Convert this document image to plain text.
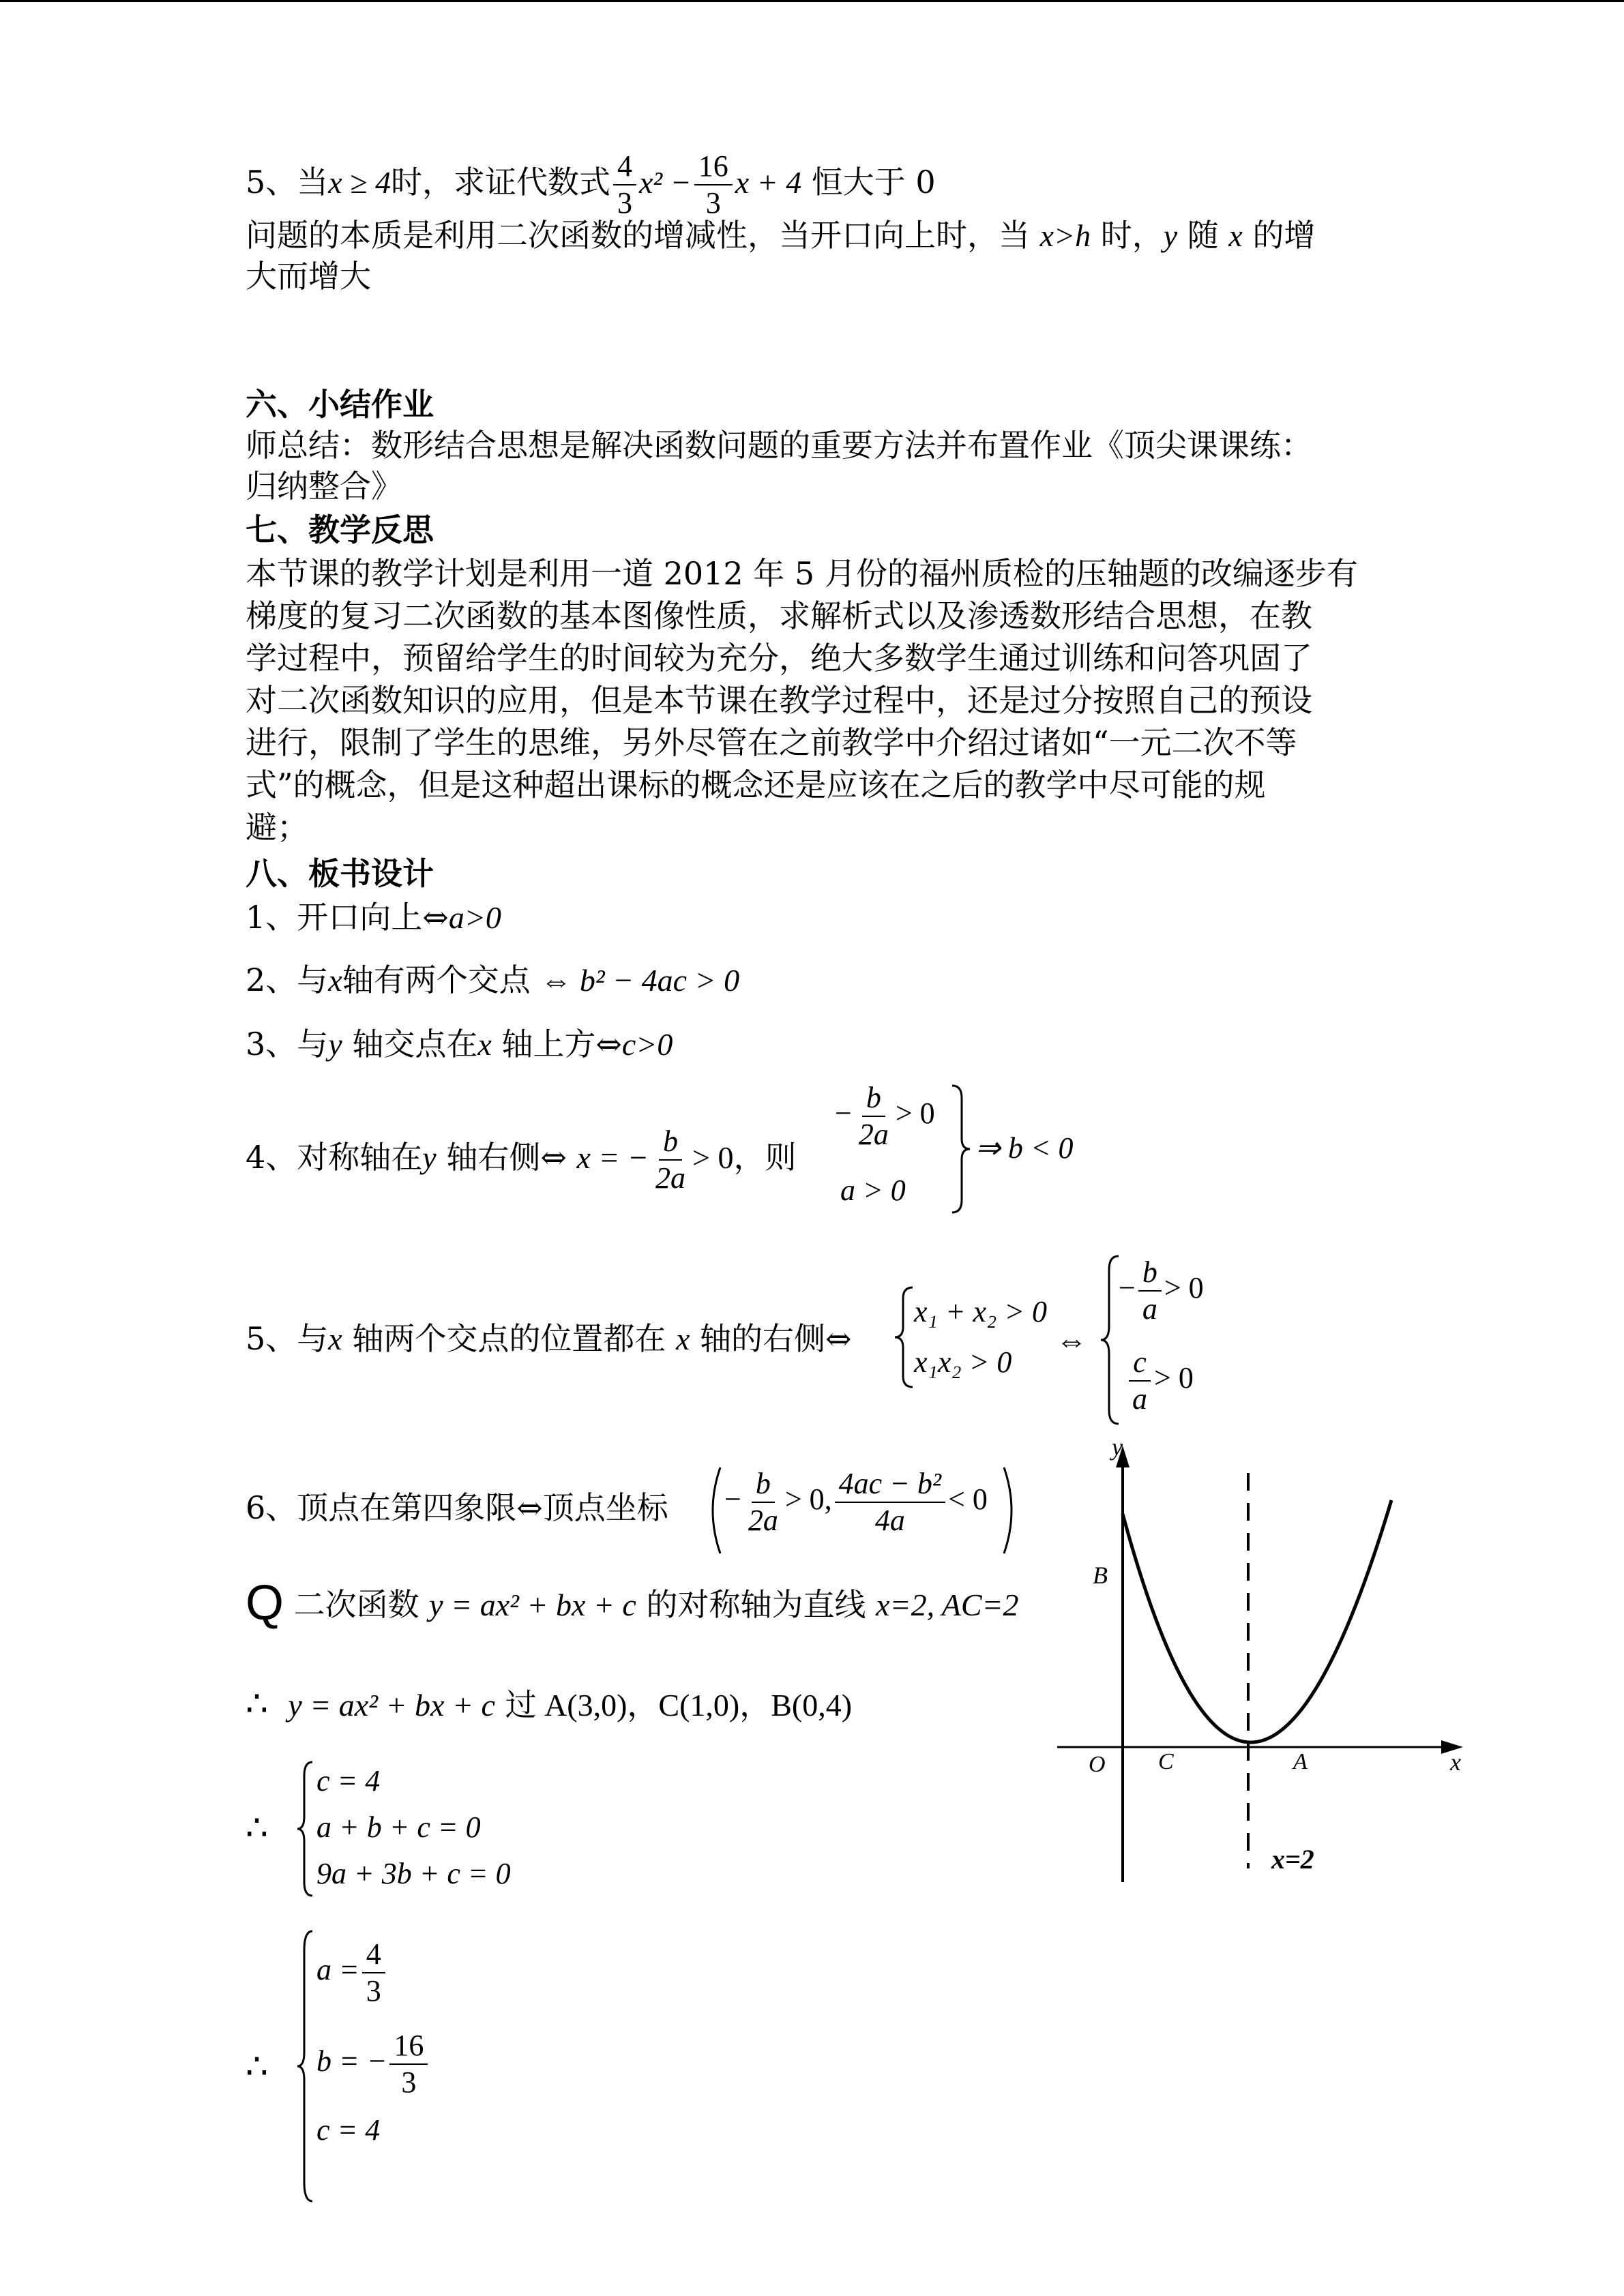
5、当x ≥ 4时，求证代数式 $\frac{4}{3} x^2 - \frac{16}{3}$ x + 4 恒大于 0
问题的本质是利用二次函数的增减性，当开口向上时，当 x>h 时，y 随 x 的增
大而增大
六、小结作业
师总结：数形结合思想是解决函数问题的重要方法并布置作业《顶尖课课练：
归纳整合》
七、教学反思
本节课的教学计划是利用一道 2012 年 5 月份的福州质检的压轴题的改编逐步有
梯度的复习二次函数的基本图像性质，求解析式以及渗透数形结合思想，在教
学过程中，预留给学生的时间较为充分，绝大多数学生通过训练和问答巩固了
对二次函数知识的应用，但是本节课在教学过程中，还是过分按照自己的预设
进行，限制了学生的思维，另外尽管在之前教学中介绍过诸如“一元二次不等
式”的概念，但是这种超出课标的概念还是应该在之后的教学中尽可能的规
避；
八、板书设计
1、开口向上⇔a>0
2、与x轴有两个交点 ⇔ b² − 4ac > 0
3、与y 轴交点在x 轴上方⇔c>0
4、对称轴在y 轴右侧⇔ x = − $\frac{b}{2a} > 0$，则
− $\frac{b}{2a} > 0$
a > 0
⇒ b < 0
5、与x 轴两个交点的位置都在 x 轴的右侧⇔
x₁ + x₂ > 0
x₁x₂ > 0
⇔
− $\frac{b}{a} > 0$
$\frac{c}{a} > 0$
6、顶点在第四象限⇔顶点坐标 − $\frac{b}{2a} > 0$, $\frac{\text{4ac − b²}}{4a} < 0$
Q 二次函数 y = ax² + bx + c 的对称轴为直线 x=2, AC=2
∴ y = ax² + bx + c 过 A(3,0)，C(1,0)，B(0,4)
∴
c = 4
a + b + c = 0
9a + 3b + c = 0
∴
$a = \frac{4}{3}$
b = − $\frac{16}{3}$
c = 4
y
x
O C	A
B
x=2
